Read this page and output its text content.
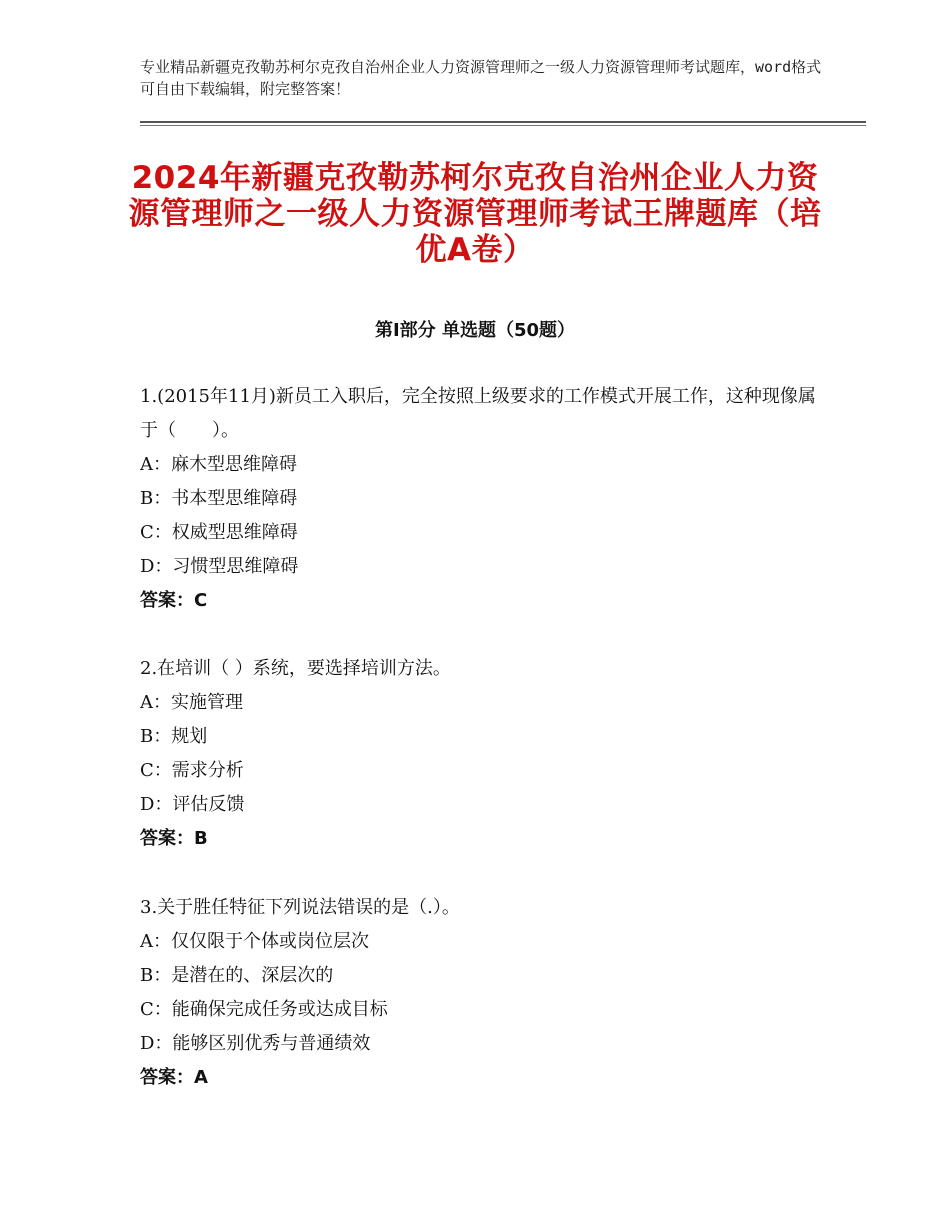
专业精品新疆克孜勒苏柯尔克孜自治州企业人力资源管理师之一级人力资源管理师考试题库，word格式可自由下载编辑，附完整答案！
2024年新疆克孜勒苏柯尔克孜自治州企业人力资源管理师之一级人力资源管理师考试王牌题库（培优A卷）
第Ⅰ部分 单选题（50题）

1.(2015年11月)新员工入职后，完全按照上级要求的工作模式开展工作，这种现像属于（　　）。

A：麻木型思维障碍

B：书本型思维障碍

C：权威型思维障碍

D：习惯型思维障碍

答案：C

2.在培训（ ）系统，要选择培训方法。

A：实施管理

B：规划

C：需求分析

D：评估反馈

答案：B

3.关于胜任特征下列说法错误的是（.）。

A：仅仅限于个体或岗位层次

B：是潜在的、深层次的

C：能确保完成任务或达成目标

D：能够区别优秀与普通绩效

答案：A
